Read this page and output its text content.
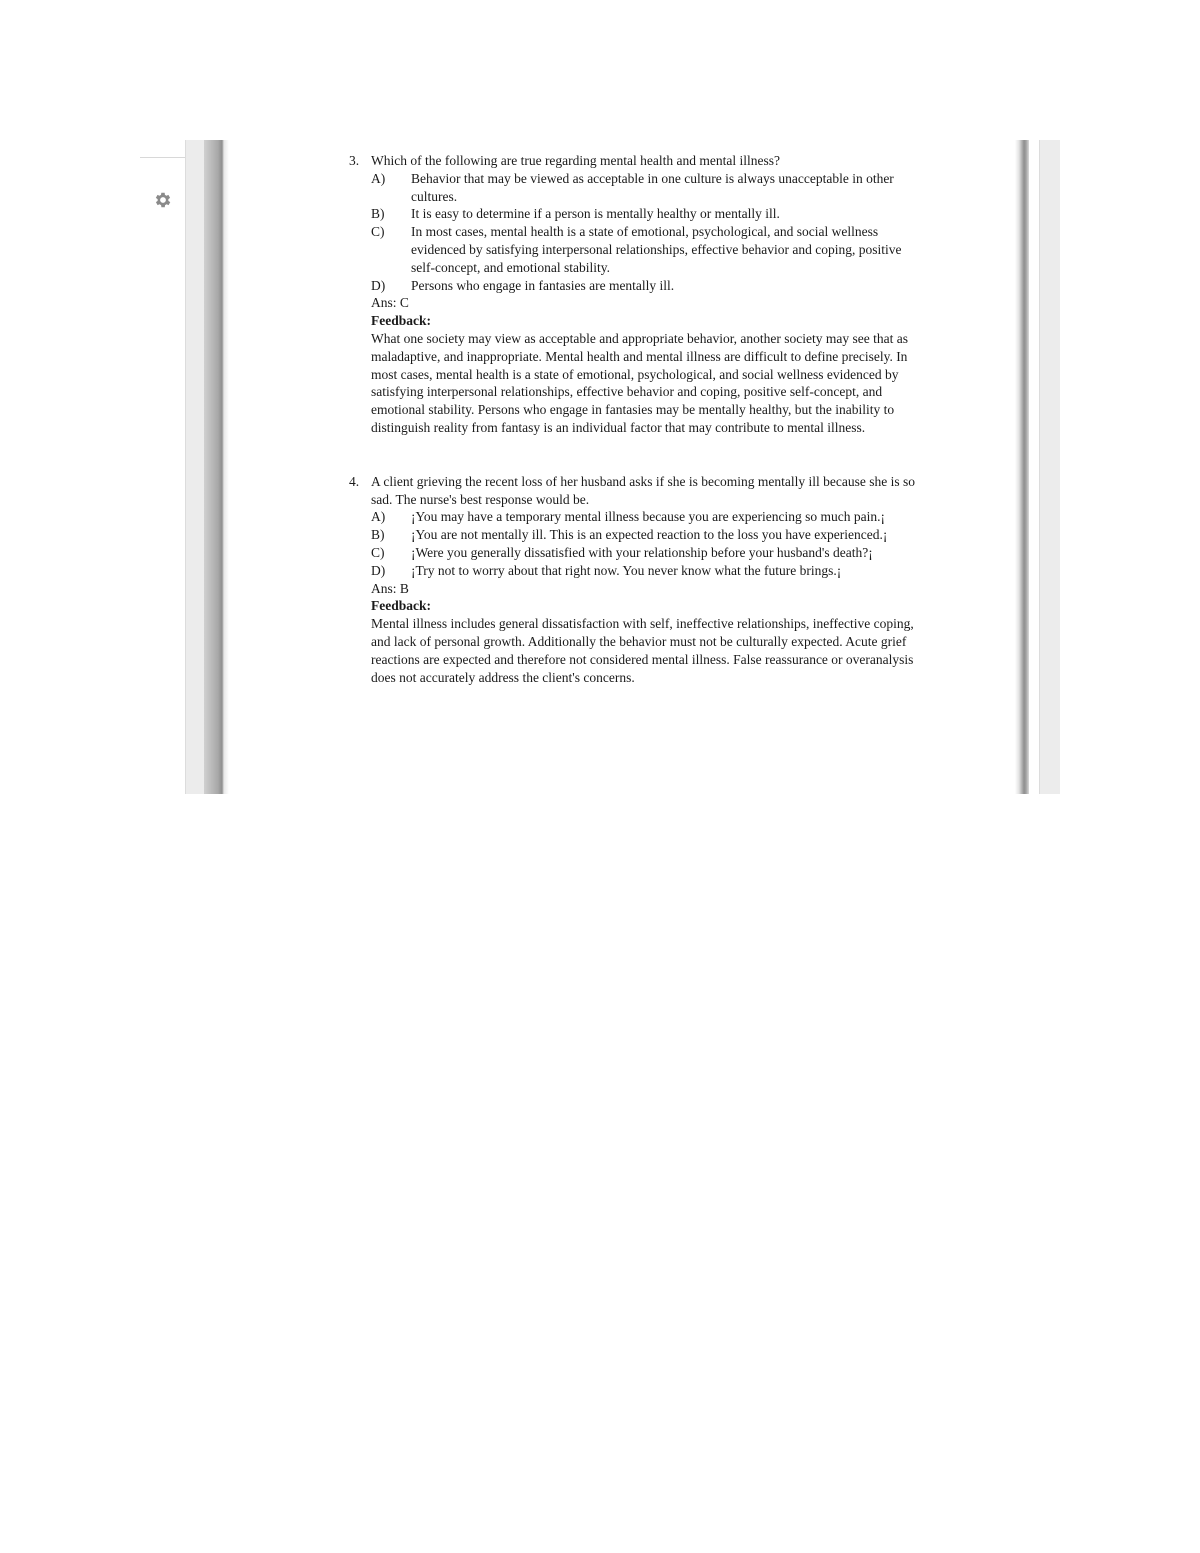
3. Which of the following are true regarding mental health and mental illness?
A) Behavior that may be viewed as acceptable in one culture is always unacceptable in other cultures.
B) It is easy to determine if a person is mentally healthy or mentally ill.
C) In most cases, mental health is a state of emotional, psychological, and social wellness evidenced by satisfying interpersonal relationships, effective behavior and coping, positive self-concept, and emotional stability.
D) Persons who engage in fantasies are mentally ill.
Ans: C
Feedback:
What one society may view as acceptable and appropriate behavior, another society may see that as maladaptive, and inappropriate. Mental health and mental illness are difficult to define precisely. In most cases, mental health is a state of emotional, psychological, and social wellness evidenced by satisfying interpersonal relationships, effective behavior and coping, positive self-concept, and emotional stability. Persons who engage in fantasies may be mentally healthy, but the inability to distinguish reality from fantasy is an individual factor that may contribute to mental illness.
4. A client grieving the recent loss of her husband asks if she is becoming mentally ill because she is so sad. The nurse's best response would be.
A) ¡You may have a temporary mental illness because you are experiencing so much pain.¡
B) ¡You are not mentally ill. This is an expected reaction to the loss you have experienced.¡
C) ¡Were you generally dissatisfied with your relationship before your husband's death?¡
D) ¡Try not to worry about that right now. You never know what the future brings.¡
Ans: B
Feedback:
Mental illness includes general dissatisfaction with self, ineffective relationships, ineffective coping, and lack of personal growth. Additionally the behavior must not be culturally expected. Acute grief reactions are expected and therefore not considered mental illness. False reassurance or overanalysis does not accurately address the client's concerns.
